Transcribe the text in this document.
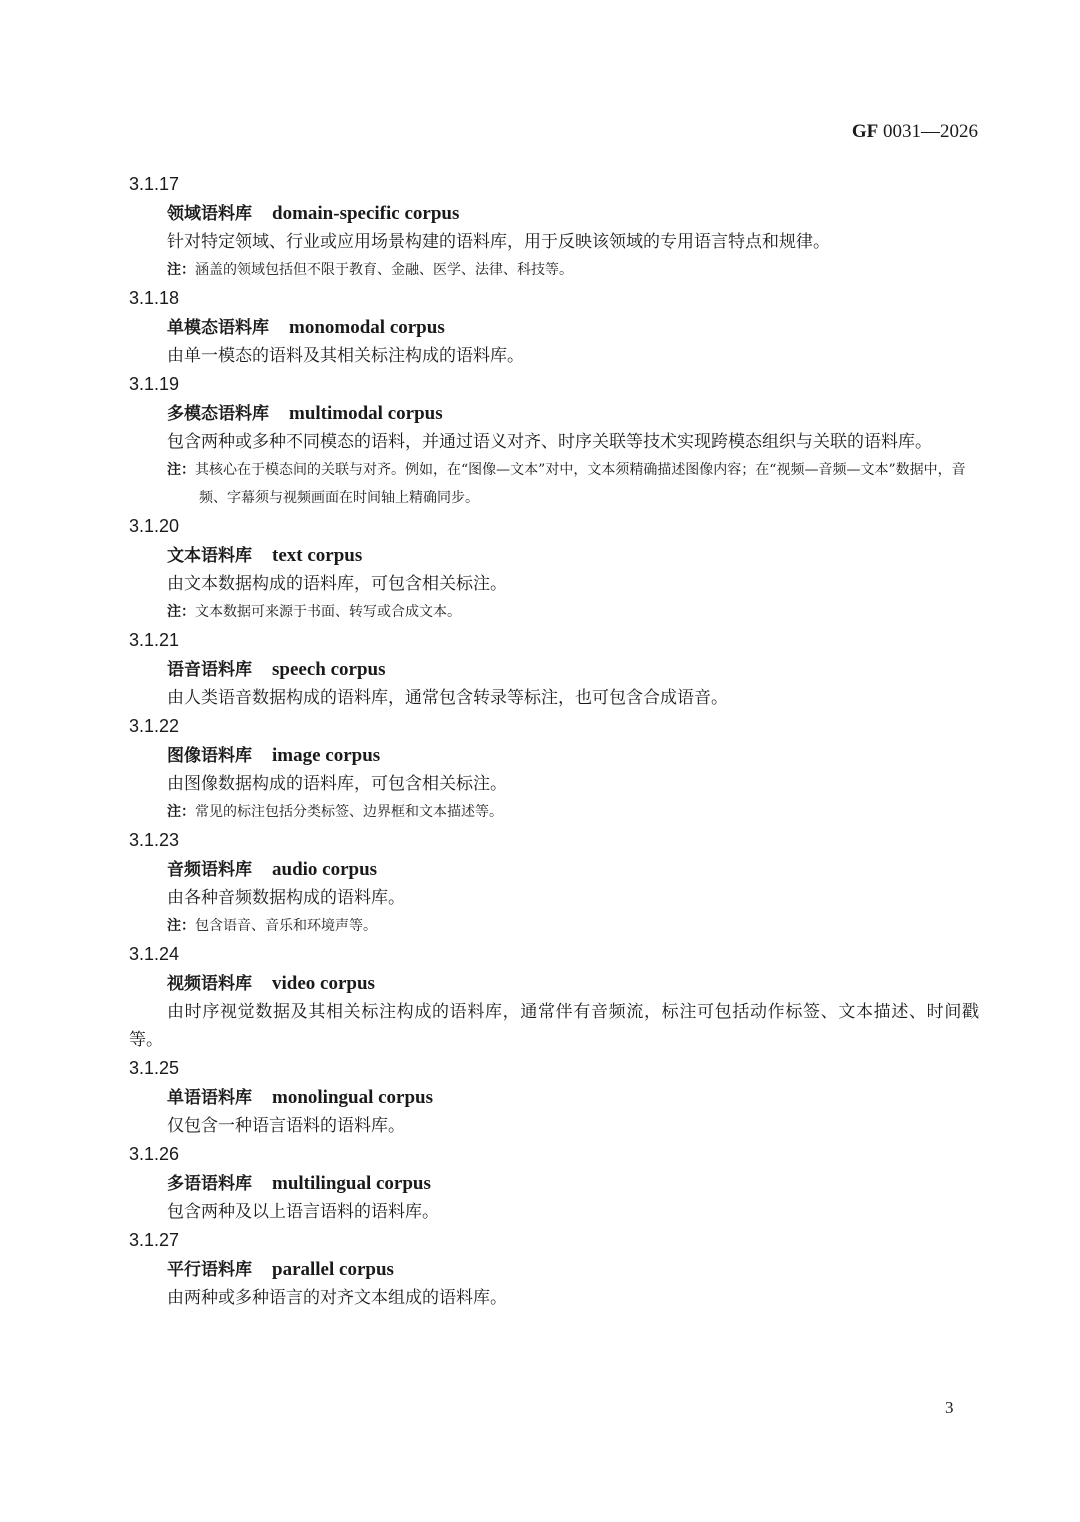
GF 0031—2026
3.1.17
领域语料库 domain-specific corpus
针对特定领域、行业或应用场景构建的语料库，用于反映该领域的专用语言特点和规律。
注：涵盖的领域包括但不限于教育、金融、医学、法律、科技等。
3.1.18
单模态语料库 monomodal corpus
由单一模态的语料及其相关标注构成的语料库。
3.1.19
多模态语料库 multimodal corpus
包含两种或多种不同模态的语料，并通过语义对齐、时序关联等技术实现跨模态组织与关联的语料库。
注：其核心在于模态间的关联与对齐。例如，在“图像—文本”对中，文本须精确描述图像内容；在“视频—音频—文本”数据中，音频、字幕须与视频画面在时间轴上精确同步。
3.1.20
文本语料库 text corpus
由文本数据构成的语料库，可包含相关标注。
注：文本数据可来源于书面、转写或合成文本。
3.1.21
语音语料库 speech corpus
由人类语音数据构成的语料库，通常包含转录等标注，也可包含合成语音。
3.1.22
图像语料库 image corpus
由图像数据构成的语料库，可包含相关标注。
注：常见的标注包括分类标签、边界框和文本描述等。
3.1.23
音频语料库 audio corpus
由各种音频数据构成的语料库。
注：包含语音、音乐和环境声等。
3.1.24
视频语料库 video corpus
由时序视觉数据及其相关标注构成的语料库，通常伴有音频流，标注可包括动作标签、文本描述、时间戳等。
3.1.25
单语语料库 monolingual corpus
仅包含一种语言语料的语料库。
3.1.26
多语语料库 multilingual corpus
包含两种及以上语言语料的语料库。
3.1.27
平行语料库 parallel corpus
由两种或多种语言的对齐文本组成的语料库。
3
